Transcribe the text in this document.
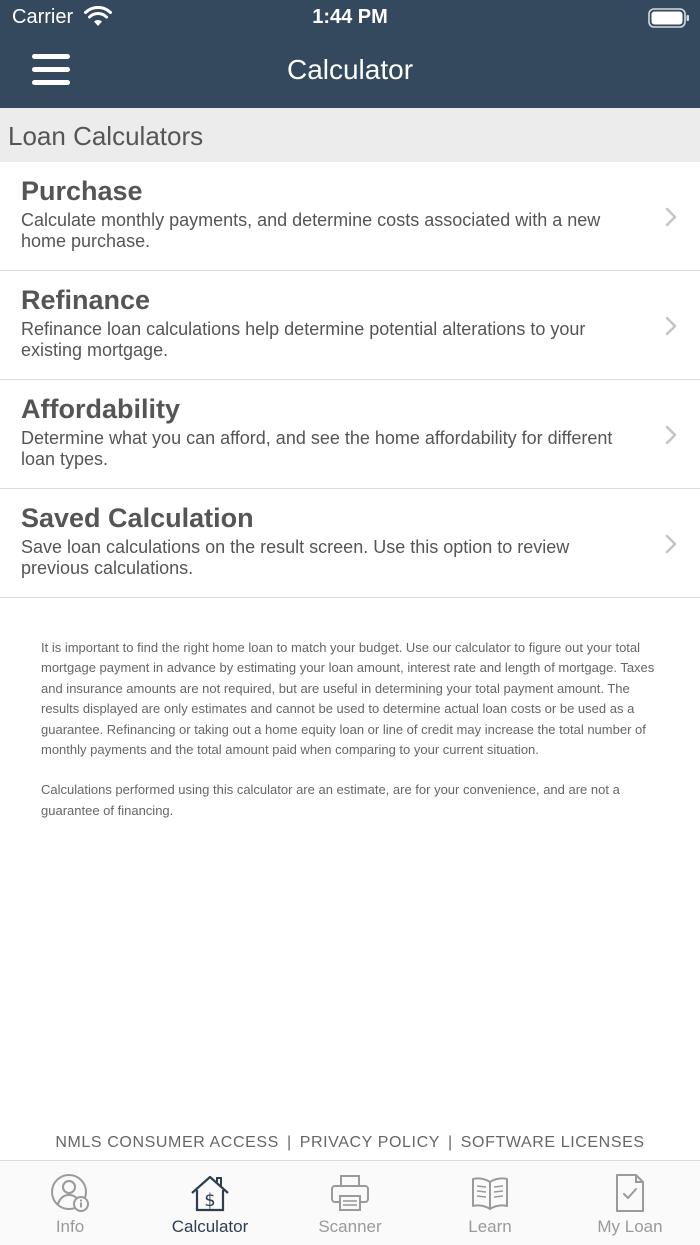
Carrier	1:44 PM
Calculator
Loan Calculators
Purchase
Calculate monthly payments, and determine costs associated with a new home purchase.
Refinance
Refinance loan calculations help determine potential alterations to your existing mortgage.
Affordability
Determine what you can afford, and see the home affordability for different loan types.
Saved Calculation
Save loan calculations on the result screen. Use this option to review previous calculations.

It is important to find the right home loan to match your budget. Use our calculator to figure out your total mortgage payment in advance by estimating your loan amount, interest rate and length of mortgage. Taxes and insurance amounts are not required, but are useful in determining your total payment amount. The results displayed are only estimates and cannot be used to determine actual loan costs or be used as a guarantee. Refinancing or taking out a home equity loan or line of credit may increase the total number of monthly payments and the total amount paid when comparing to your current situation.

Calculations performed using this calculator are an estimate, are for your convenience, and are not a guarantee of financing.

NMLS CONSUMER ACCESS | PRIVACY POLICY | SOFTWARE LICENSES
Info
$
Calculator	Scanner	Learn	My Loan
